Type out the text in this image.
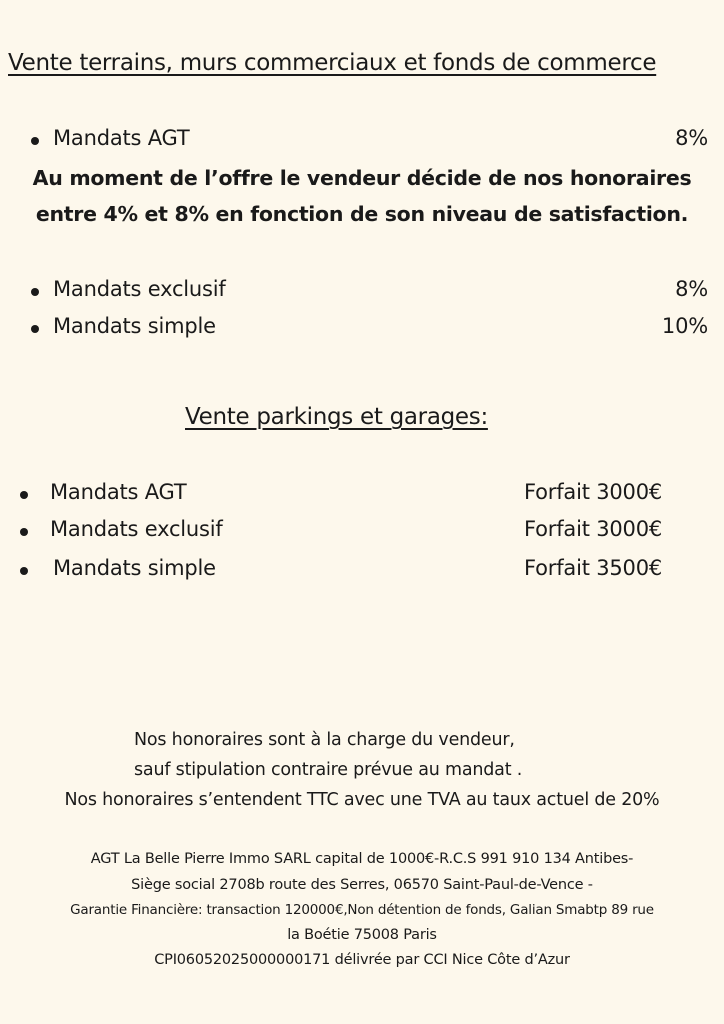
Vente terrains, murs commerciaux et fonds de commerce
Mandats AGT	8%
Au moment de l’offre le vendeur décide de nos honoraires
entre 4% et 8% en fonction de son niveau de satisfaction.
Mandats exclusif	8%
Mandats simple	10%
Vente parkings et garages:
Mandats AGT	Forfait 3000€
Mandats exclusif	Forfait 3000€
Mandats simple	Forfait 3500€
Nos honoraires sont à la charge du vendeur,
sauf stipulation contraire prévue au mandat .
Nos honoraires s’entendent TTC avec une TVA au taux actuel de 20%
AGT La Belle Pierre Immo SARL capital de 1000€-R.C.S 991 910 134 Antibes-
Siège social 2708b route des Serres, 06570 Saint-Paul-de-Vence -
Garantie Financière: transaction 120000€,Non détention de fonds, Galian Smabtp 89 rue
la Boétie 75008 Paris
CPI06052025000000171 délivrée par CCI Nice Côte d’Azur
